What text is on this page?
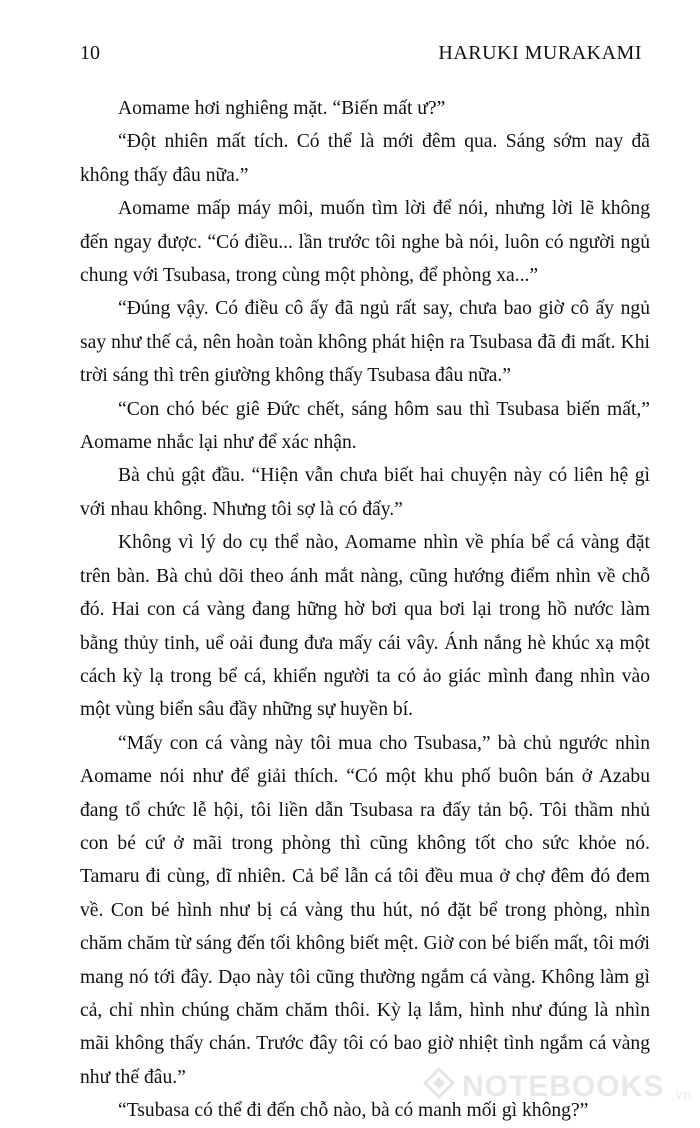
10	HARUKI MURAKAMI

Aomame hơi nghiêng mặt. “Biến mất ư?”

“Đột nhiên mất tích. Có thể là mới đêm qua. Sáng sớm nay đã không thấy đâu nữa.”

Aomame mấp máy môi, muốn tìm lời để nói, nhưng lời lẽ không đến ngay được. “Có điều... lần trước tôi nghe bà nói, luôn có người ngủ chung với Tsubasa, trong cùng một phòng, để phòng xa...”

“Đúng vậy. Có điều cô ấy đã ngủ rất say, chưa bao giờ cô ấy ngủ say như thế cả, nên hoàn toàn không phát hiện ra Tsubasa đã đi mất. Khi trời sáng thì trên giường không thấy Tsubasa đâu nữa.”

“Con chó béc giê Đức chết, sáng hôm sau thì Tsubasa biến mất,” Aomame nhắc lại như để xác nhận.

Bà chủ gật đầu. “Hiện vẫn chưa biết hai chuyện này có liên hệ gì với nhau không. Nhưng tôi sợ là có đấy.”

Không vì lý do cụ thể nào, Aomame nhìn về phía bể cá vàng đặt trên bàn. Bà chủ dõi theo ánh mắt nàng, cũng hướng điểm nhìn về chỗ đó. Hai con cá vàng đang hững hờ bơi qua bơi lại trong hồ nước làm bằng thủy tinh, uể oải đung đưa mấy cái vây. Ánh nắng hè khúc xạ một cách kỳ lạ trong bể cá, khiến người ta có ảo giác mình đang nhìn vào một vùng biển sâu đầy những sự huyền bí.

“Mấy con cá vàng này tôi mua cho Tsubasa,” bà chủ ngước nhìn Aomame nói như để giải thích. “Có một khu phố buôn bán ở Azabu đang tổ chức lễ hội, tôi liền dẫn Tsubasa ra đấy tản bộ. Tôi thầm nhủ con bé cứ ở mãi trong phòng thì cũng không tốt cho sức khỏe nó. Tamaru đi cùng, dĩ nhiên. Cả bể lẫn cá tôi đều mua ở chợ đêm đó đem về. Con bé hình như bị cá vàng thu hút, nó đặt bể trong phòng, nhìn chăm chăm từ sáng đến tối không biết mệt. Giờ con bé biến mất, tôi mới mang nó tới đây. Dạo này tôi cũng thường ngắm cá vàng. Không làm gì cả, chỉ nhìn chúng chăm chăm thôi. Kỳ lạ lắm, hình như đúng là nhìn mãi không thấy chán. Trước đây tôi có bao giờ nhiệt tình ngắm cá vàng như thế đâu.”

“Tsubasa có thể đi đến chỗ nào, bà có manh mối gì không?”

NOTEBOOKS .vn
